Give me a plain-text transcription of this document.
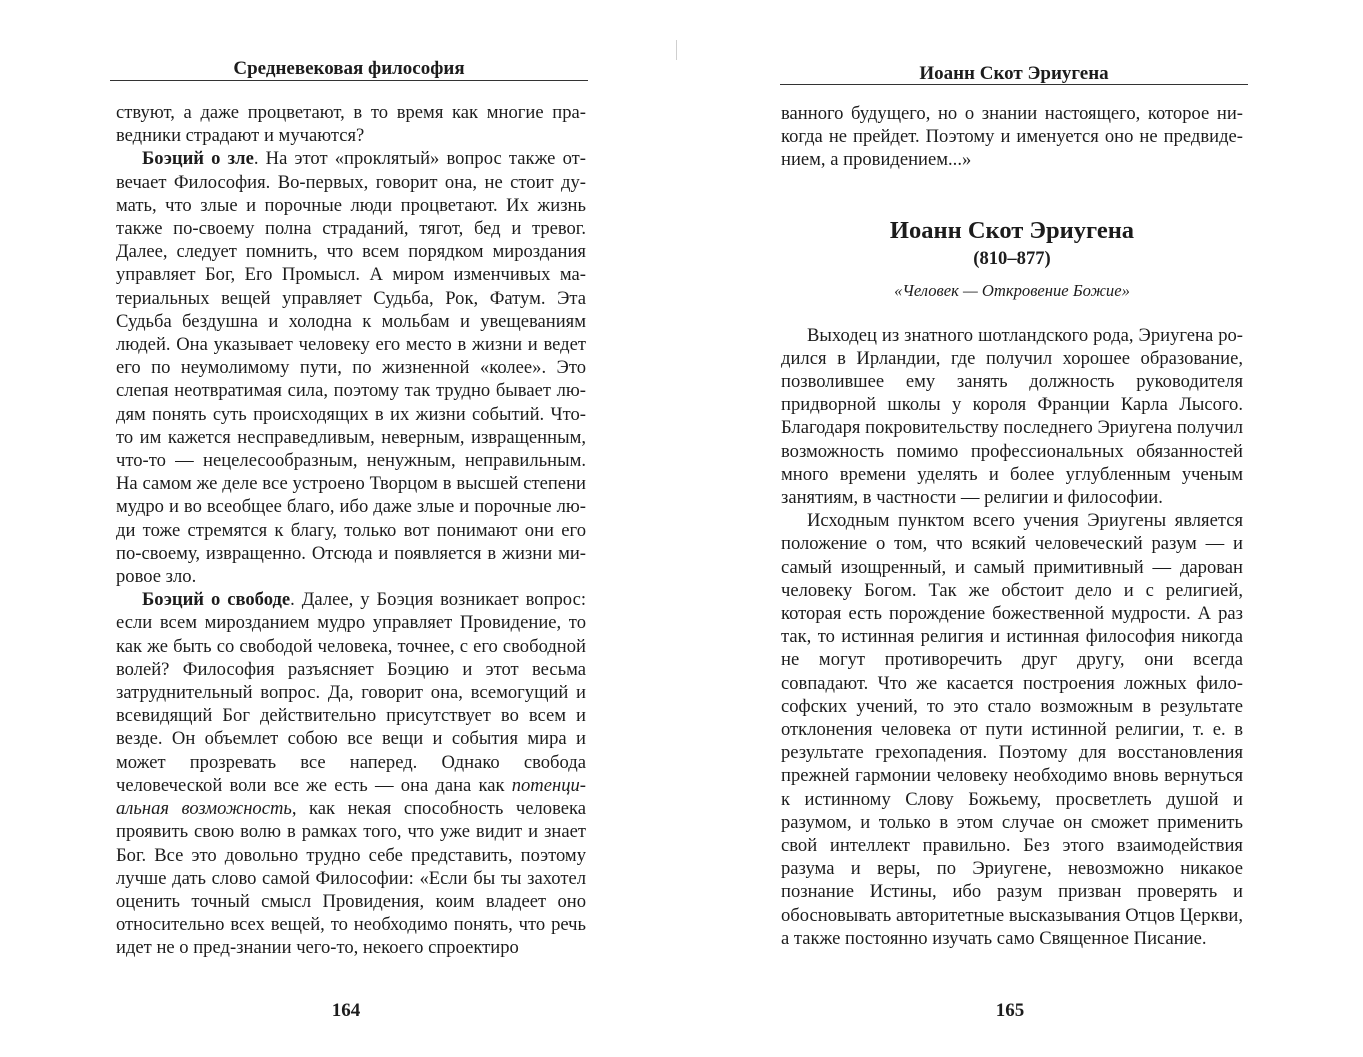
Средневековая философия

ствуют, а даже процветают, в то время как многие праведники страдают и мучаются?

Боэций о зле. На этот «проклятый» вопрос также отвечает Философия. Во-первых, говорит она, не стоит думать, что злые и порочные люди процветают. Их жизнь также по-своему полна страданий, тягот, бед и тревог. Далее, следует помнить, что всем порядком мироздания управляет Бог, Его Промысл. А миром изменчивых материальных вещей управляет Судьба, Рок, Фатум. Эта Судьба бездушна и холодна к мольбам и увещеваниям людей. Она указывает человеку его место в жизни и ведет его по неумолимому пути, по жизненной «колее». Это слепая неотвратимая сила, поэтому так трудно бывает людям понять суть происходящих в их жизни событий. Что-то им кажется несправедливым, неверным, извращенным, что-то — нецелесообразным, ненужным, неправильным. На самом же деле все устроено Творцом в высшей степени мудро и во всеобщее благо, ибо даже злые и порочные люди тоже стремятся к благу, только вот понимают они его по-своему, извращенно. Отсюда и появляется в жизни мировое зло.

Боэций о свободе. Далее, у Боэция возникает вопрос: если всем мирозданием мудро управляет Провидение, то как же быть со свободой человека, точнее, с его свободной волей? Философия разъясняет Боэцию и этот весьма затруднительный вопрос. Да, говорит она, всемогущий и всевидящий Бог действительно присутствует во всем и везде. Он объемлет собою все вещи и события мира и может прозревать все наперед. Однако свобода человеческой воли все же есть — она дана как потенциальная возможность, как некая способность человека проявить свою волю в рамках того, что уже видит и знает Бог. Все это довольно трудно себе представить, поэтому лучше дать слово самой Философии: «Если бы ты захотел оценить точный смысл Провидения, коим владеет оно относительно всех вещей, то необходимо понять, что речь идет не о пред-знании чего-то, некоего спроектиро

164
Иоанн Скот Эриугена

ванного будущего, но о знании настоящего, которое никогда не прейдет. Поэтому и именуется оно не предвидением, а провидением...»

Иоанн Скот Эриугена
(810–877)
«Человек — Откровение Божие»

Выходец из знатного шотландского рода, Эриугена родился в Ирландии, где получил хорошее образование, позволившее ему занять должность руководителя придворной школы у короля Франции Карла Лысого. Благодаря покровительству последнего Эриугена получил возможность помимо профессиональных обязанностей много времени уделять и более углубленным ученым занятиям, в частности — религии и философии.

Исходным пунктом всего учения Эриугены является положение о том, что всякий человеческий разум — и самый изощренный, и самый примитивный — дарован человеку Богом. Так же обстоит дело и с религией, которая есть порождение божественной мудрости. А раз так, то истинная религия и истинная философия никогда не могут противоречить друг другу, они всегда совпадают. Что же касается построения ложных философских учений, то это стало возможным в результате отклонения человека от пути истинной религии, т. е. в результате грехопадения. Поэтому для восстановления прежней гармонии человеку необходимо вновь вернуться к истинному Слову Божьему, просветлеть душой и разумом, и только в этом случае он сможет применить свой интеллект правильно. Без этого взаимодействия разума и веры, по Эриугене, невозможно никакое познание Истины, ибо разум призван проверять и обосновывать авторитетные высказывания Отцов Церкви, а также постоянно изучать само Священное Писание.

165
